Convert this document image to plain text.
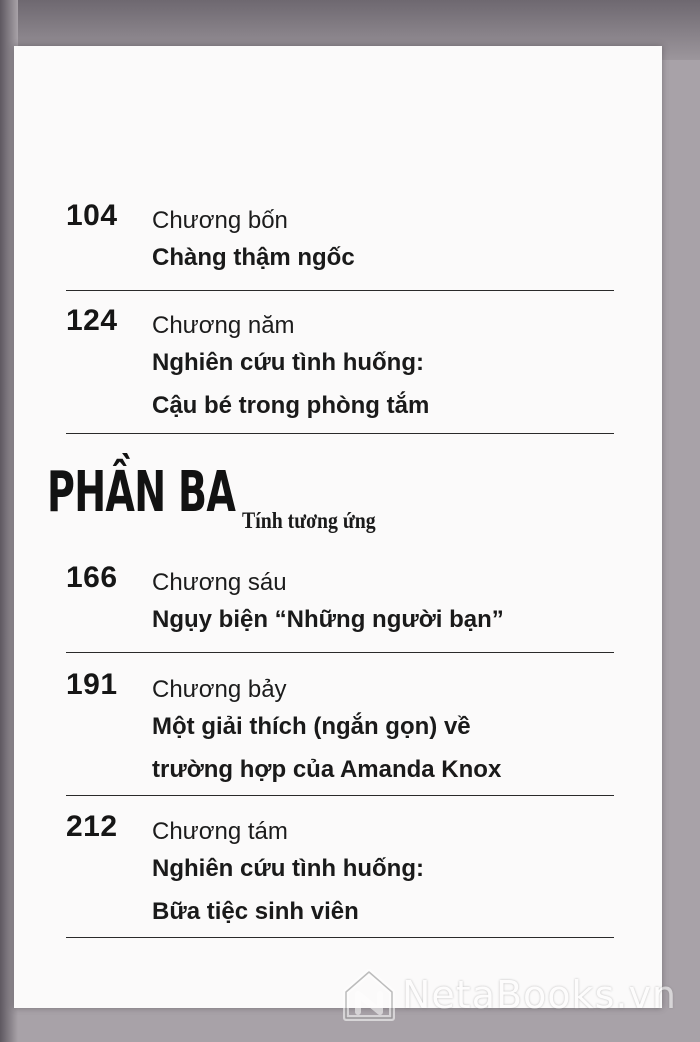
104 Chương bốn
Chàng thậm ngốc
124 Chương năm
Nghiên cứu tình huống:
Cậu bé trong phòng tắm
PHẦN BA Tính tương ứng
166 Chương sáu
Ngụy biện “Những người bạn”
191 Chương bảy
Một giải thích (ngắn gọn) về
trường hợp của Amanda Knox
212 Chương tám
Nghiên cứu tình huống:
Bữa tiệc sinh viên
NetaBooks.vn
